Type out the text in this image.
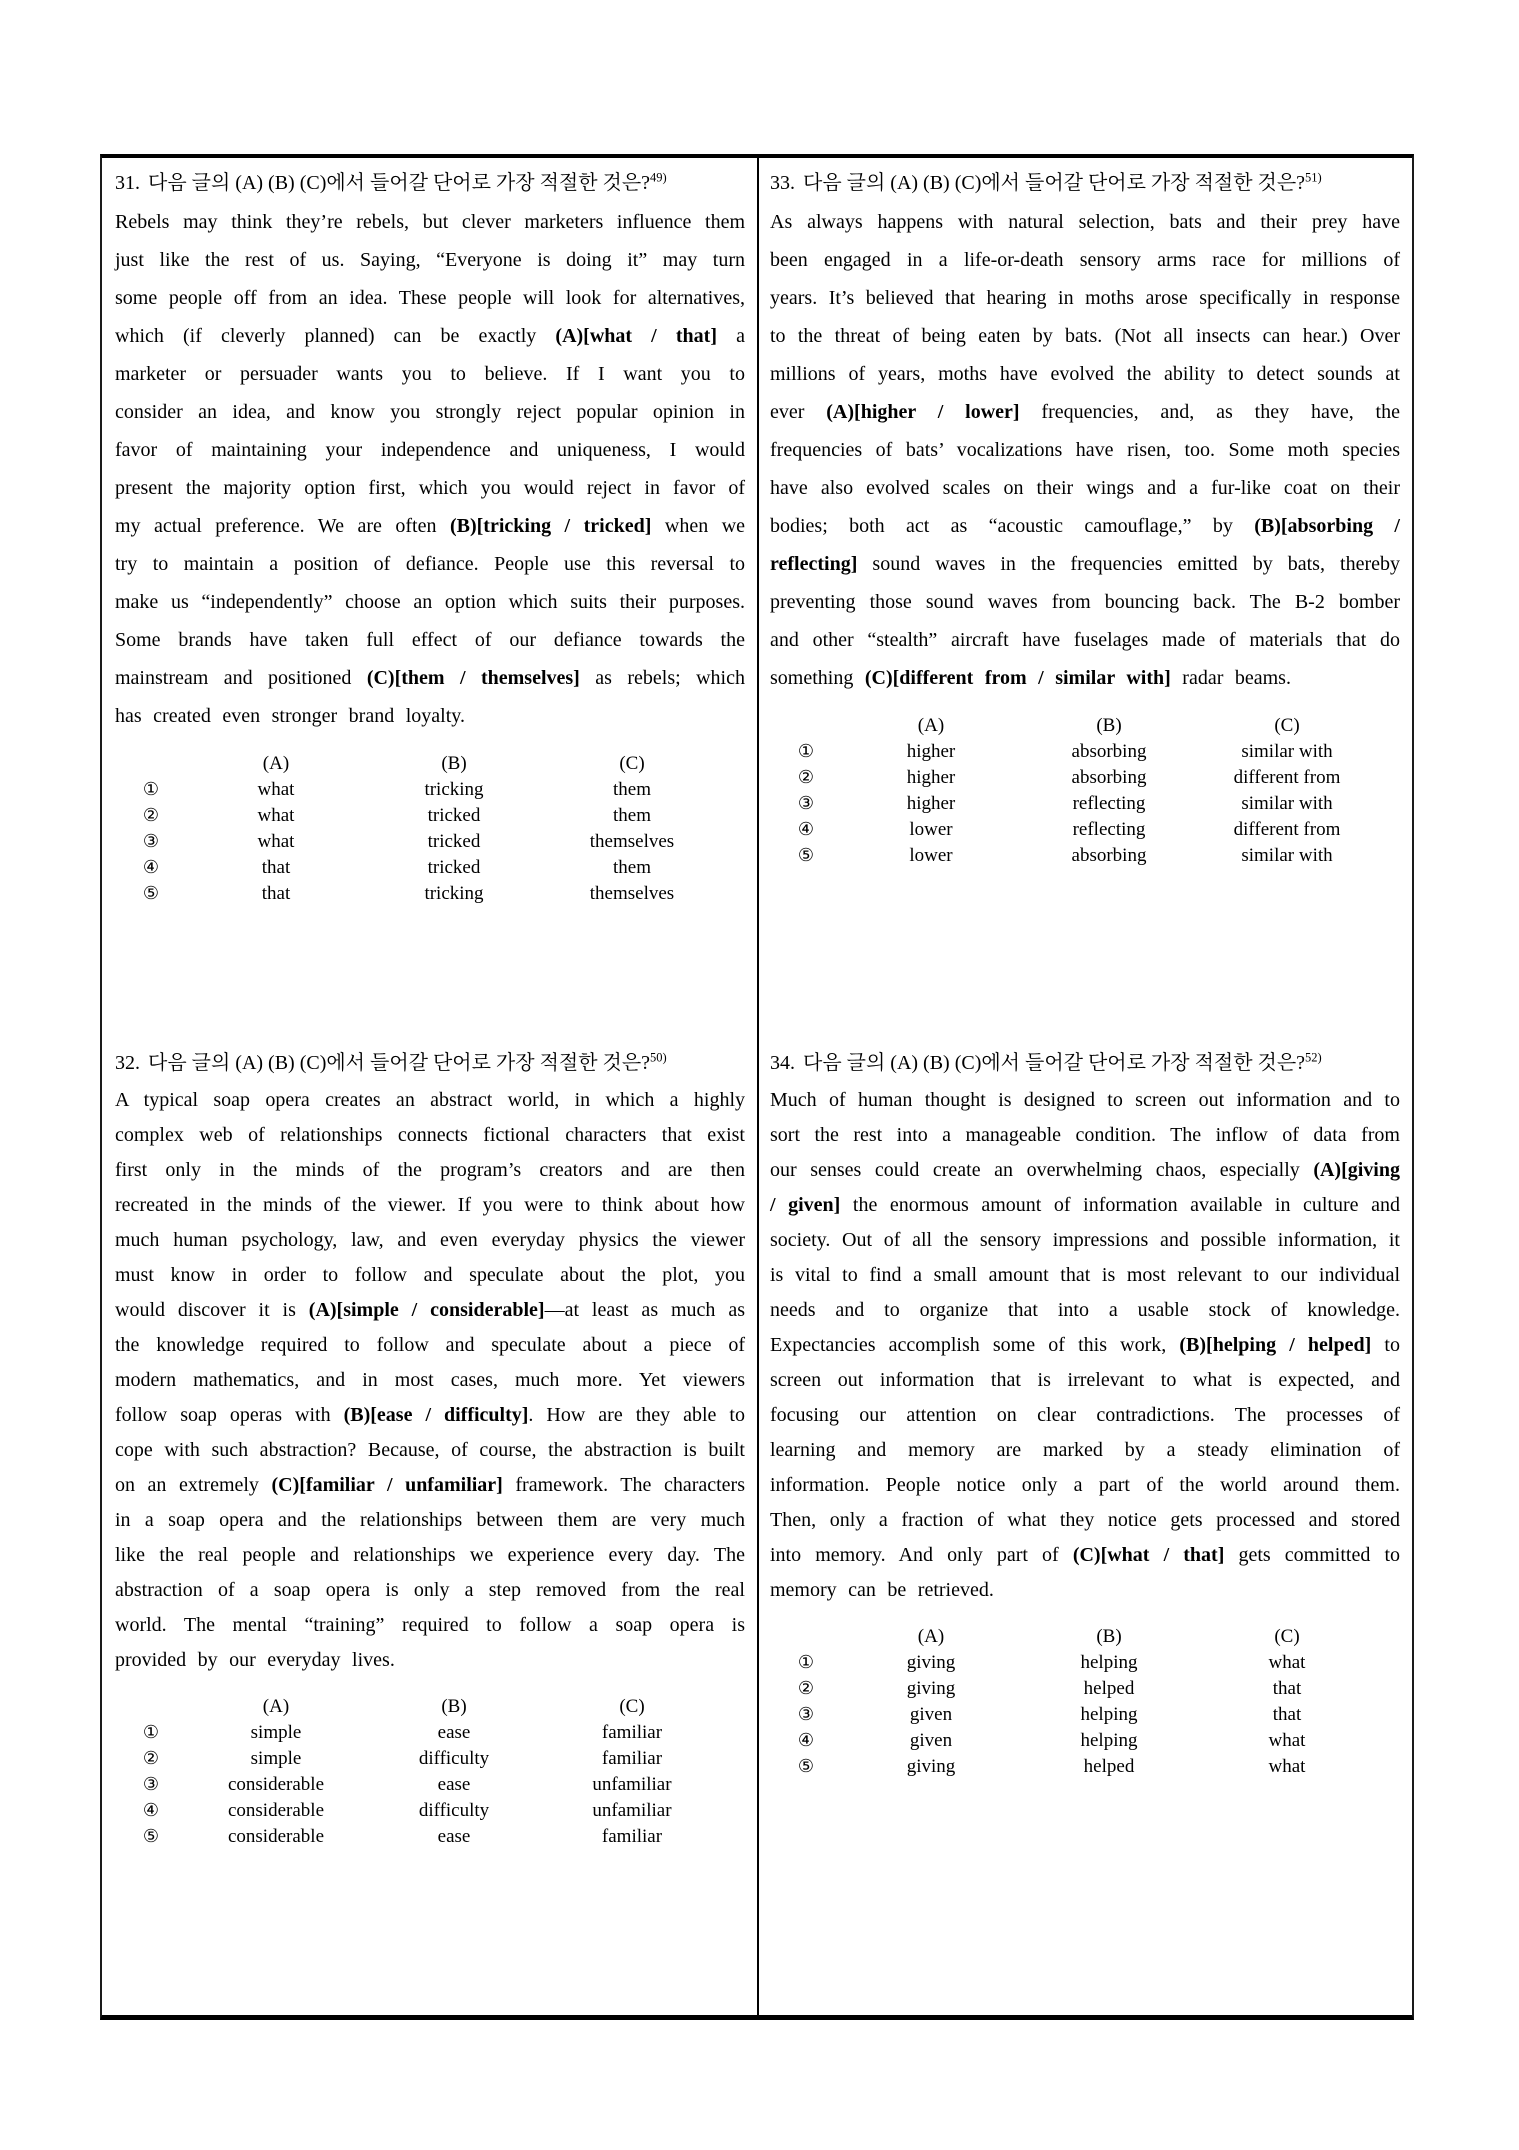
31. 다음 글의 (A) (B) (C)에서 들어갈 단어로 가장 적절한 것은?$^{49)}$

Rebels may think they’re rebels, but clever marketers influence them just like the rest of us. Saying, “Everyone is doing it” may turn some people off from an idea. These people will look for alternatives, which (if cleverly planned) can be exactly (A)[what / that] a marketer or persuader wants you to believe. If I want you to consider an idea, and know you strongly reject popular opinion in favor of maintaining your independence and uniqueness, I would present the majority option first, which you would reject in favor of my actual preference. We are often (B)[tricking / tricked] when we try to maintain a position of defiance. People use this reversal to make us “independently” choose an option which suits their purposes. Some brands have taken full effect of our defiance towards the mainstream and positioned (C)[them / themselves] as rebels; which has created even stronger brand loyalty.

(A)	(B)	(C)
①	what	tricking	them
②	what	tricked	them
③	what	tricked	themselves
④	that	tricked	them
⑤	that	tricking	themselves

32. 다음 글의 (A) (B) (C)에서 들어갈 단어로 가장 적절한 것은?$^{50)}$

A typical soap opera creates an abstract world, in which a highly complex web of relationships connects fictional characters that exist first only in the minds of the program’s creators and are then recreated in the minds of the viewer. If you were to think about how much human psychology, law, and even everyday physics the viewer must know in order to follow and speculate about the plot, you would discover it is (A)[simple / considerable]—at least as much as the knowledge required to follow and speculate about a piece of modern mathematics, and in most cases, much more. Yet viewers follow soap operas with (B)[ease / difficulty]. How are they able to cope with such abstraction? Because, of course, the abstraction is built on an extremely (C)[familiar / unfamiliar] framework. The characters in a soap opera and the relationships between them are very much like the real people and relationships we experience every day. The abstraction of a soap opera is only a step removed from the real world. The mental “training” required to follow a soap opera is provided by our everyday lives.

(A)	(B)	(C)
①	simple	ease	familiar
②	simple	difficulty	familiar
③	considerable	ease	unfamiliar
④	considerable	difficulty	unfamiliar
⑤	considerable	ease	familiar

33. 다음 글의 (A) (B) (C)에서 들어갈 단어로 가장 적절한 것은?$^{51)}$

As always happens with natural selection, bats and their prey have been engaged in a life-or-death sensory arms race for millions of years. It’s believed that hearing in moths arose specifically in response to the threat of being eaten by bats. (Not all insects can hear.) Over millions of years, moths have evolved the ability to detect sounds at ever (A)[higher / lower] frequencies, and, as they have, the frequencies of bats’ vocalizations have risen, too. Some moth species have also evolved scales on their wings and a fur-like coat on their bodies; both act as “acoustic camouflage,” by (B)[absorbing / reflecting] sound waves in the frequencies emitted by bats, thereby preventing those sound waves from bouncing back. The B-2 bomber and other “stealth” aircraft have fuselages made of materials that do something (C)[different from / similar with] radar beams.

(A)	(B)	(C)
①	higher	absorbing	similar with
②	higher	absorbing	different from
③	higher	reflecting	similar with
④	lower	reflecting	different from
⑤	lower	absorbing	similar with

34. 다음 글의 (A) (B) (C)에서 들어갈 단어로 가장 적절한 것은?$^{52)}$

Much of human thought is designed to screen out information and to sort the rest into a manageable condition. The inflow of data from our senses could create an overwhelming chaos, especially (A)[giving / given] the enormous amount of information available in culture and society. Out of all the sensory impressions and possible information, it is vital to find a small amount that is most relevant to our individual needs and to organize that into a usable stock of knowledge. Expectancies accomplish some of this work, (B)[helping / helped] to screen out information that is irrelevant to what is expected, and focusing our attention on clear contradictions. The processes of learning and memory are marked by a steady elimination of information. People notice only a part of the world around them. Then, only a fraction of what they notice gets processed and stored into memory. And only part of (C)[what / that] gets committed to memory can be retrieved.

(A)	(B)	(C)
①	giving	helping	what
②	giving	helped	that
③	given	helping	that
④	given	helping	what
⑤	giving	helped	what
